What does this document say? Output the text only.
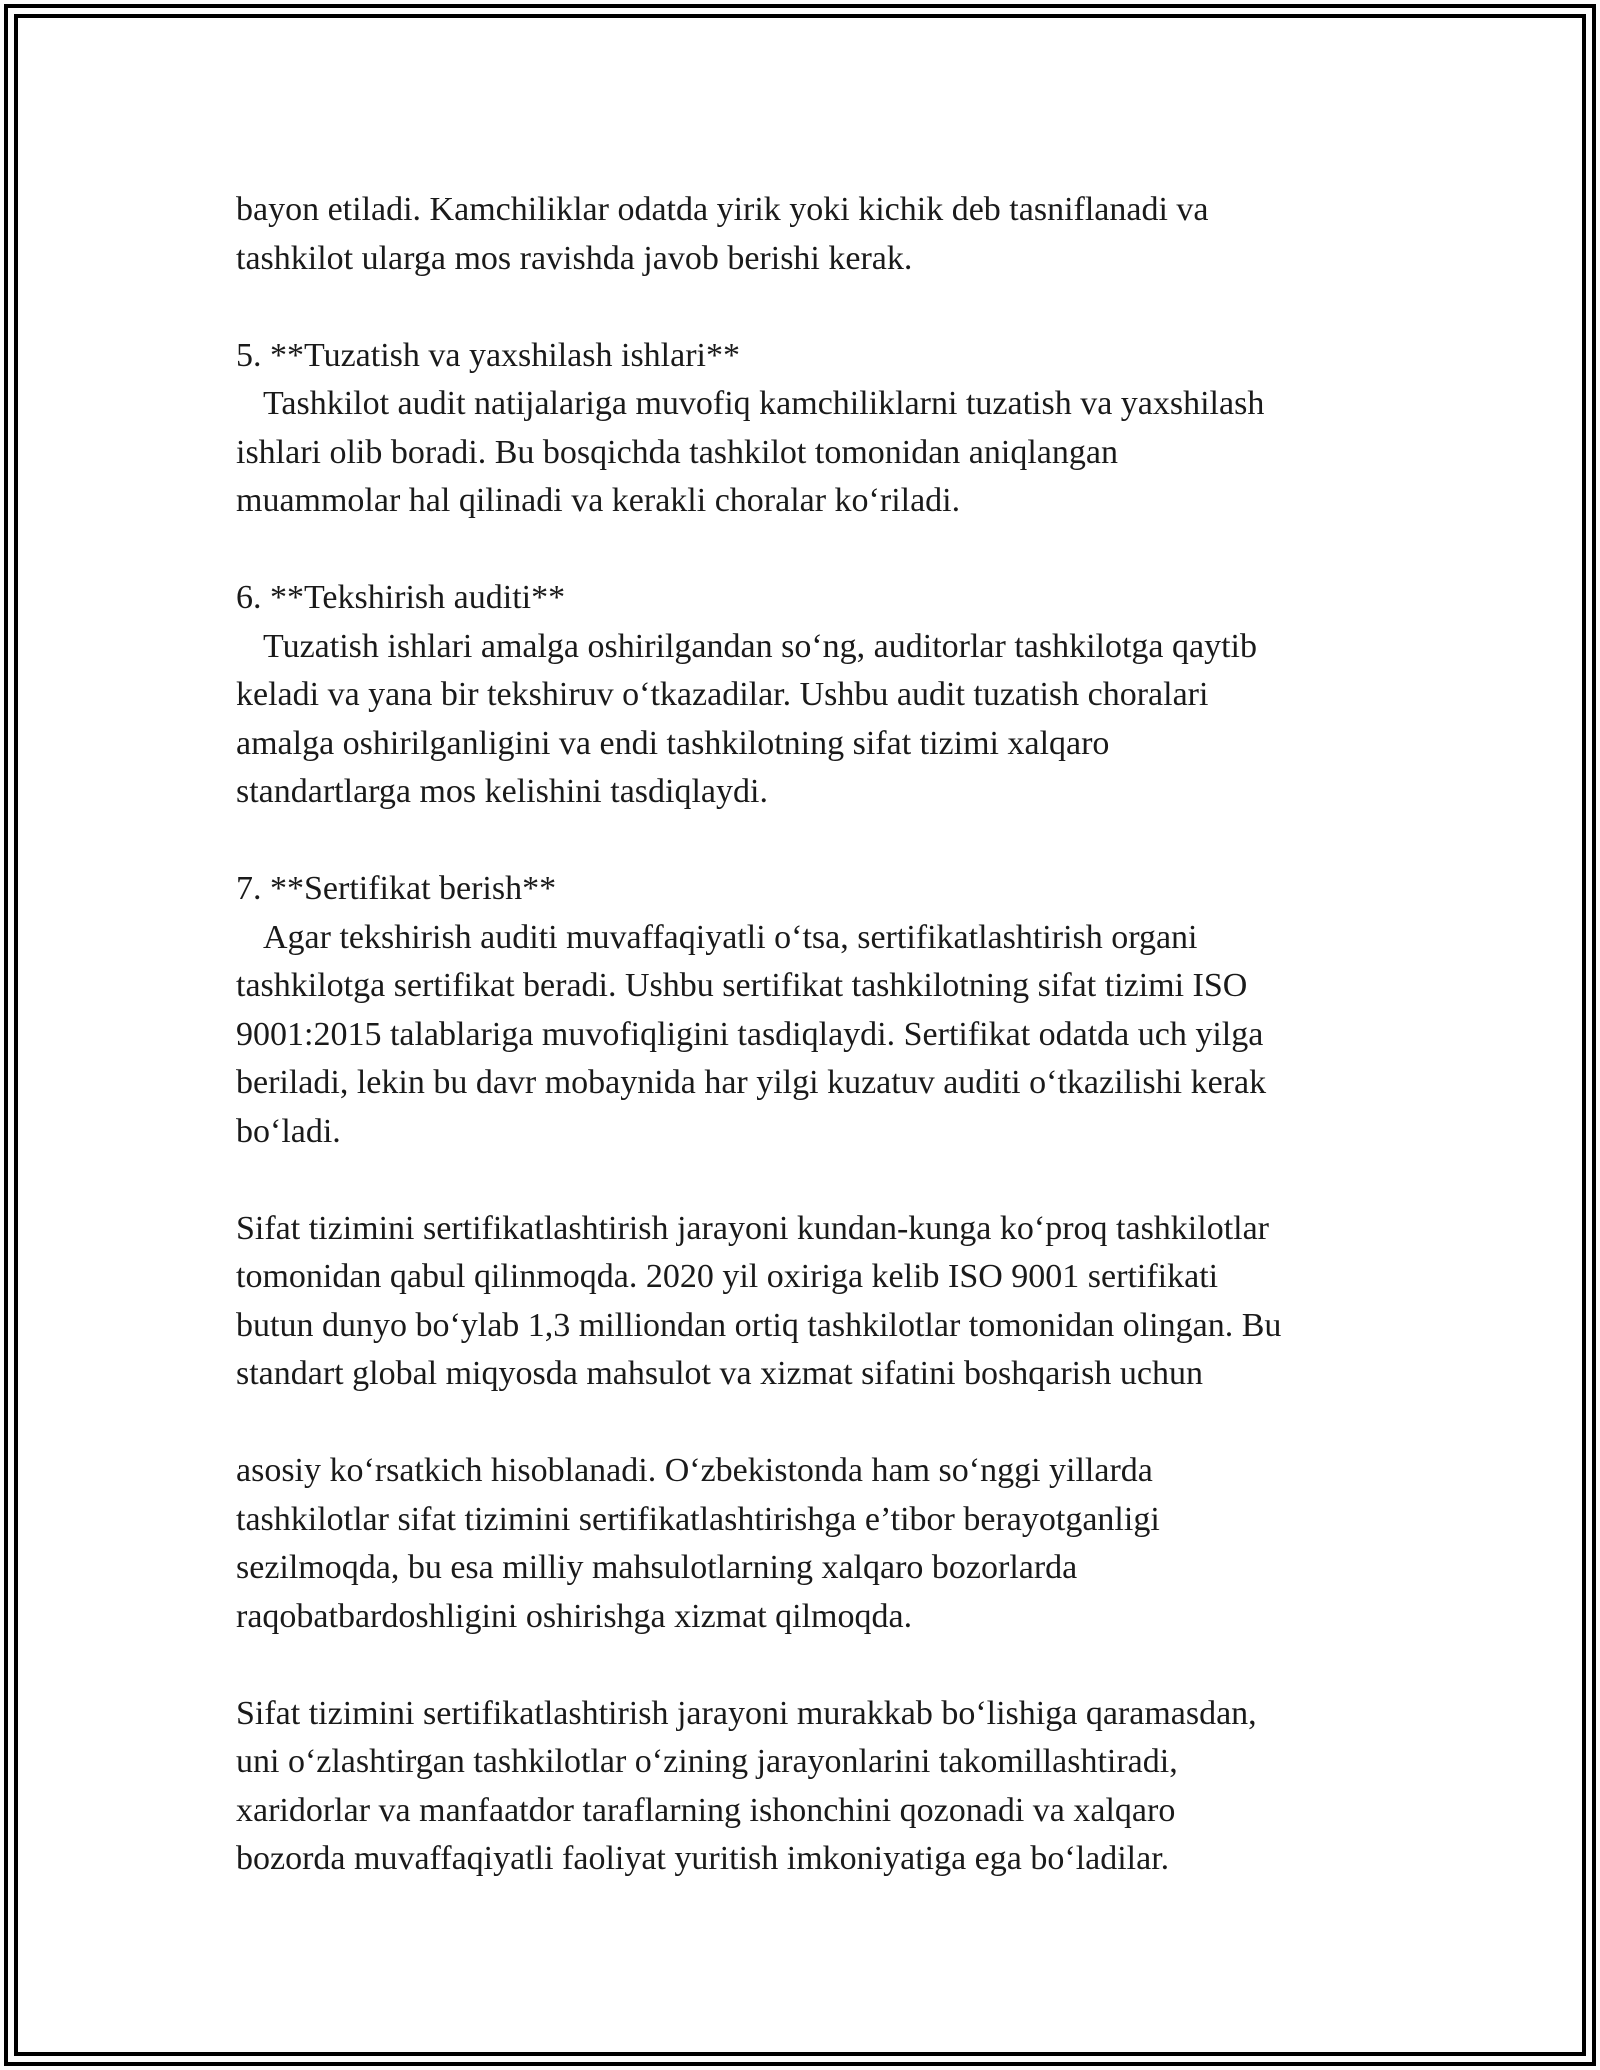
bayon etiladi. Kamchiliklar odatda yirik yoki kichik deb tasniflanadi va
tashkilot ularga mos ravishda javob berishi kerak.
5. **Tuzatish va yaxshilash ishlari**
Tashkilot audit natijalariga muvofiq kamchiliklarni tuzatish va yaxshilash
ishlari olib boradi. Bu bosqichda tashkilot tomonidan aniqlangan
muammolar hal qilinadi va kerakli choralar ko‘riladi.
6. **Tekshirish auditi**
Tuzatish ishlari amalga oshirilgandan so‘ng, auditorlar tashkilotga qaytib
keladi va yana bir tekshiruv o‘tkazadilar. Ushbu audit tuzatish choralari
amalga oshirilganligini va endi tashkilotning sifat tizimi xalqaro
standartlarga mos kelishini tasdiqlaydi.
7. **Sertifikat berish**
Agar tekshirish auditi muvaffaqiyatli o‘tsa, sertifikatlashtirish organi
tashkilotga sertifikat beradi. Ushbu sertifikat tashkilotning sifat tizimi ISO
9001:2015 talablariga muvofiqligini tasdiqlaydi. Sertifikat odatda uch yilga
beriladi, lekin bu davr mobaynida har yilgi kuzatuv auditi o‘tkazilishi kerak
bo‘ladi.
Sifat tizimini sertifikatlashtirish jarayoni kundan-kunga ko‘proq tashkilotlar
tomonidan qabul qilinmoqda. 2020 yil oxiriga kelib ISO 9001 sertifikati
butun dunyo bo‘ylab 1,3 milliondan ortiq tashkilotlar tomonidan olingan. Bu
standart global miqyosda mahsulot va xizmat sifatini boshqarish uchun
asosiy ko‘rsatkich hisoblanadi. O‘zbekistonda ham so‘nggi yillarda
tashkilotlar sifat tizimini sertifikatlashtirishga e’tibor berayotganligi
sezilmoqda, bu esa milliy mahsulotlarning xalqaro bozorlarda
raqobatbardoshligini oshirishga xizmat qilmoqda.
Sifat tizimini sertifikatlashtirish jarayoni murakkab bo‘lishiga qaramasdan,
uni o‘zlashtirgan tashkilotlar o‘zining jarayonlarini takomillashtiradi,
xaridorlar va manfaatdor taraflarning ishonchini qozonadi va xalqaro
bozorda muvaffaqiyatli faoliyat yuritish imkoniyatiga ega bo‘ladilar.
